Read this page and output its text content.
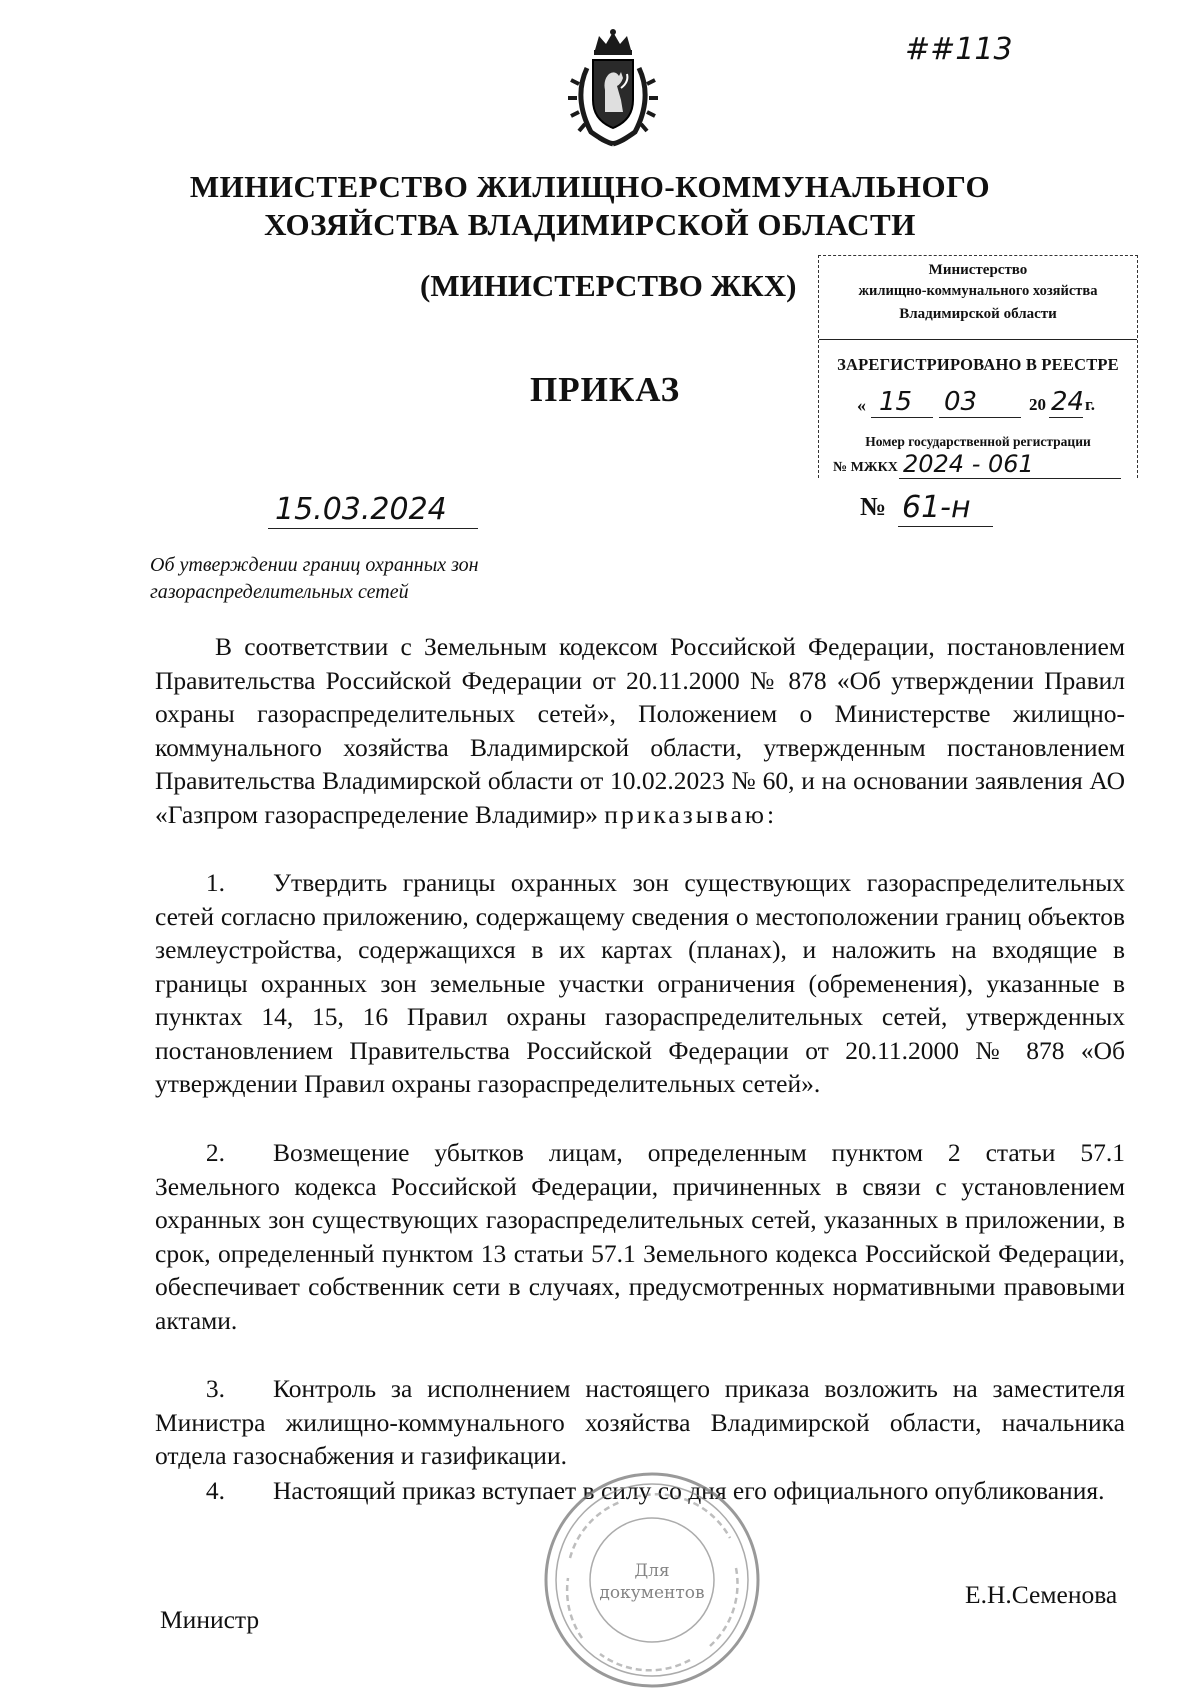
##113
МИНИСТЕРСТВО ЖИЛИЩНО-КОММУНАЛЬНОГО
ХОЗЯЙСТВА ВЛАДИМИРСКОЙ ОБЛАСТИ
(МИНИСТЕРСТВО ЖКХ)
ПРИКАЗ
Министерство
жилищно-коммунального хозяйства
Владимирской области
ЗАРЕГИСТРИРОВАНО В РЕЕСТРЕ
« 15 03	20 24 г.
Номер государственной регистрации
№ МЖКХ 2024 - 061
15.03.2024	№ 61-н
Об утверждении границ охранных зон
газораспределительных сетей
В соответствии с Земельным кодексом Российской Федерации, постановлением Правительства Российской Федерации от 20.11.2000 № 878 «Об утверждении Правил охраны газораспределительных сетей», Положением о Министерстве жилищно-коммунального хозяйства Владимирской области, утвержденным постановлением Правительства Владимирской области от 10.02.2023 № 60, и на основании заявления АО «Газпром газораспределение Владимир» приказываю:
1. Утвердить границы охранных зон существующих газораспределительных сетей согласно приложению, содержащему сведения о местоположении границ объектов землеустройства, содержащихся в их картах (планах), и наложить на входящие в границы охранных зон земельные участки ограничения (обременения), указанные в пунктах 14, 15, 16 Правил охраны газораспределительных сетей, утвержденных постановлением Правительства Российской Федерации от 20.11.2000 № 878 «Об утверждении Правил охраны газораспределительных сетей».
2. Возмещение убытков лицам, определенным пунктом 2 статьи 57.1 Земельного кодекса Российской Федерации, причиненных в связи с установлением охранных зон существующих газораспределительных сетей, указанных в приложении, в срок, определенный пунктом 13 статьи 57.1 Земельного кодекса Российской Федерации, обеспечивает собственник сети в случаях, предусмотренных нормативными правовыми актами.
3. Контроль за исполнением настоящего приказа возложить на заместителя Министра жилищно-коммунального хозяйства Владимирской области, начальника отдела газоснабжения и газификации.
4. Настоящий приказ вступает в силу со дня его официального опубликования.
Для
документов
Министр
Е.Н.Семенова
